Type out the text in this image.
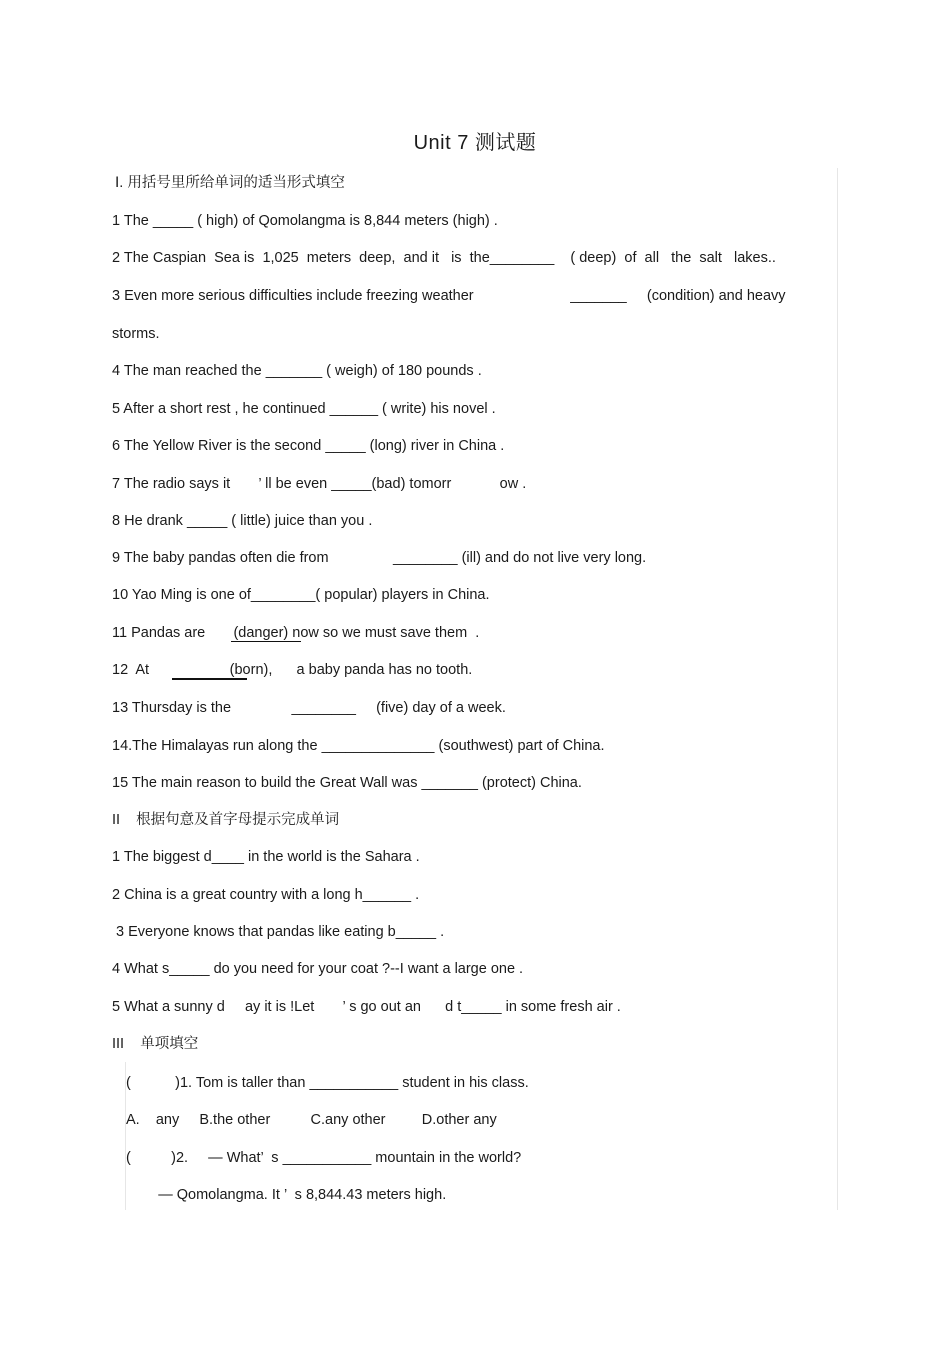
Unit 7 测试题
Ⅰ. 用括号里所给单词的适当形式填空
1 The _____ ( high) of Qomolangma is 8,844 meters (high) .
2 The Caspian  Sea is  1,025  meters  deep,  and it   is  the________    ( deep)  of  all   the  salt   lakes..
3 Even more serious difficulties include freezing weather                        _______     (condition) and heavy
storms.
4 The man reached the _______ ( weigh) of 180 pounds .
5 After a short rest , he continued ______ ( write) his novel .
6 The Yellow River is the second _____ (long) river in China .
7 The radio says it       ’ ll be even _____(bad) tomorr            ow .
8 He drank _____ ( little) juice than you .
9 The baby pandas often die from                ________ (ill) and do not live very long.
10 Yao Ming is one of________( popular) players in China.
11 Pandas are       (danger) now so we must save them  .
12  At                    (born),      a baby panda has no tooth.
13 Thursday is the               ________     (five) day of a week.
14.The Himalayas run along the ______________ (southwest) part of China.
15 The main reason to build the Great Wall was _______ (protect) China.
II    根据句意及首字母提示完成单词
1 The biggest d____ in the world is the Sahara .
2 China is a great country with a long h______ .
3 Everyone knows that pandas like eating b_____ .
4 What s_____ do you need for your coat ?--I want a large one .
5 What a sunny d     ay it is !Let       ’ s go out an      d t_____ in some fresh air .
III    单项填空
(           )1. Tom is taller than ___________ student in his class.
A.    any     B.the other          C.any other         D.other any
(          )2.     — What’  s ___________ mountain in the world?
— Qomolangma. It ’  s 8,844.43 meters high.
